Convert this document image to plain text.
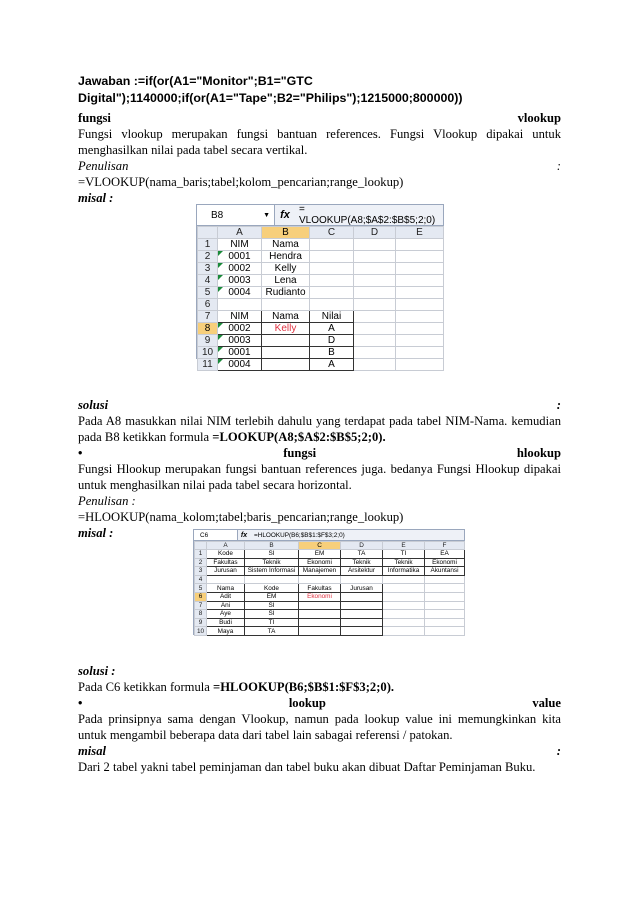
Jawaban :=if(or(A1="Monitor";B1="GTC
Digital");1140000;if(or(A1="Tape";B2="Philips");1215000;800000))
fungsi	vlookup
Fungsi vlookup merupakan fungsi bantuan references. Fungsi Vlookup dipakai untuk
menghasilkan nilai pada tabel secara vertikal.
Penulisan	:
=VLOOKUP(nama_baris;tabel;kolom_pencarian;range_lookup)
misal :
B8	▼ fx = VLOOKUP(A8;$A$2:$B$5;2;0)
	A	B	C	D	E
1	NIM	Nama			
2	0001	Hendra			
3	0002	Kelly			
4	0003	Lena			
5	0004	Rudianto			
6					
7	NIM	Nama	Nilai		
8	0002	Kelly	A		
9	0003		D		
10	0001		B		
11	0004		A		
solusi	:
Pada A8 masukkan nilai NIM terlebih dahulu yang terdapat pada tabel NIM-Nama. kemudian
pada B8 ketikkan formula =LOOKUP(A8;$A$2:$B$5;2;0).
•	fungsi	hlookup
Fungsi Hlookup merupakan fungsi bantuan references juga. bedanya Fungsi Hlookup dipakai
untuk menghasilkan nilai pada tabel secara horizontal.
Penulisan :
=HLOOKUP(nama_kolom;tabel;baris_pencarian;range_lookup)
misal :	C6	fx	=HLOOKUP(B6;$B$1:$F$3;2;0)
	A	B	C	D	E	F
1	Kode	SI	EM	TA	TI	EA
2	Fakultas	Teknik	Ekonomi	Teknik	Teknik	Ekonomi
3	Jurusan	Sistem Informasi	Manajemen	Arsitektur	Informatika	Akuntansi
4						
5	Nama	Kode	Fakultas	Jurusan		
6	Adit	EM	Ekonomi			
7	Ani	SI				
8	Aye	SI				
9	Budi	TI				
10	Maya	TA				
solusi :
Pada C6 ketikkan formula =HLOOKUP(B6;$B$1:$F$3;2;0).
•	lookup	value
Pada prinsipnya sama dengan Vlookup, namun pada lookup value ini memungkinkan kita
untuk mengambil beberapa data dari tabel lain sabagai referensi / patokan.
misal	:
Dari 2 tabel yakni tabel peminjaman dan tabel buku akan dibuat Daftar Peminjaman Buku.
